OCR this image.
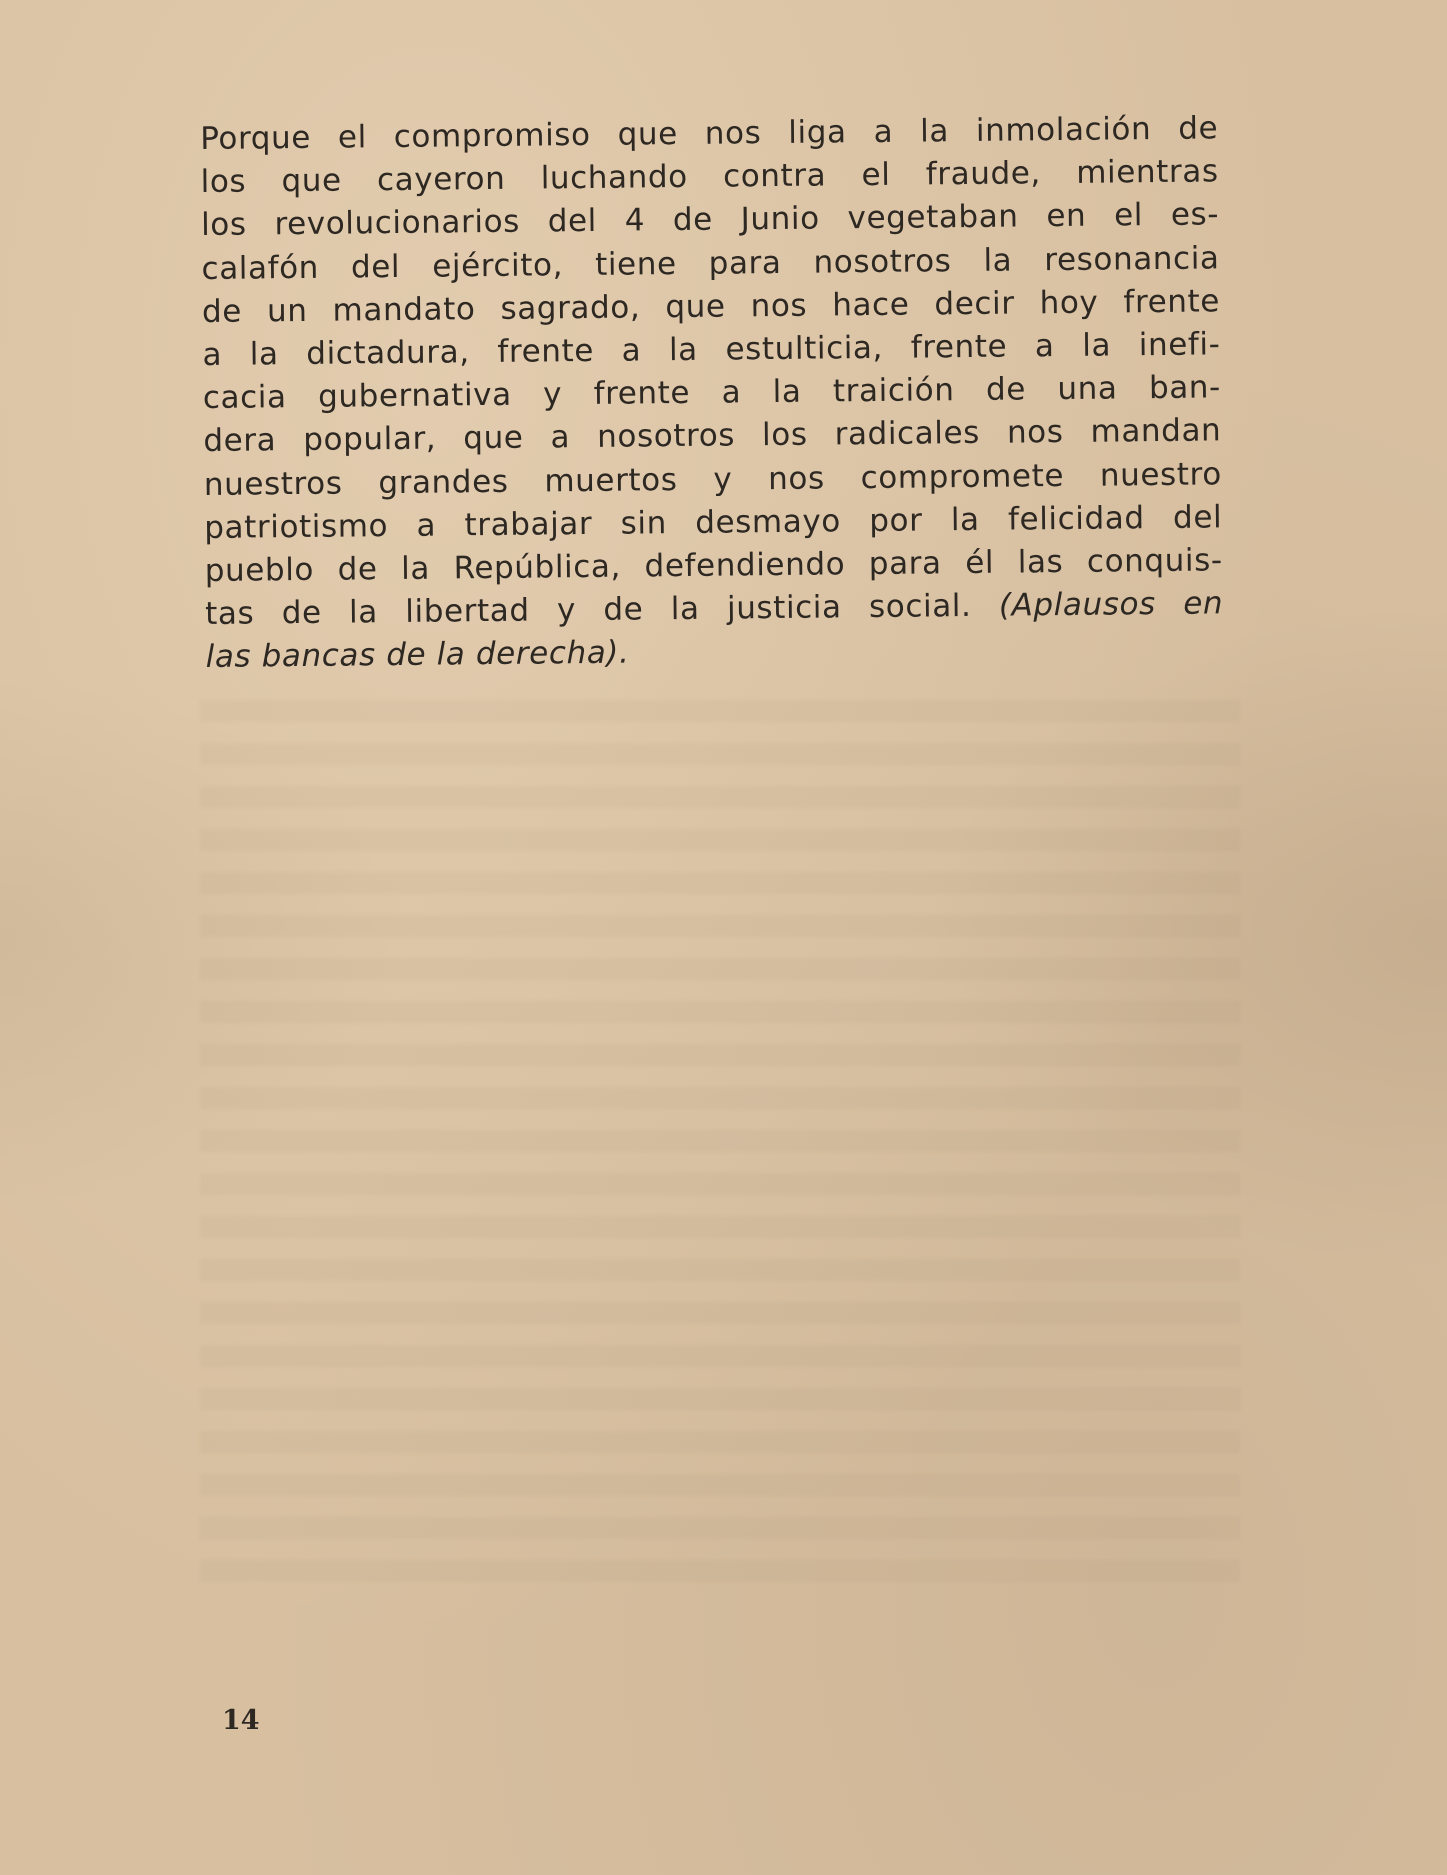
Porque el compromiso que nos liga a la inmolación de
los que cayeron luchando contra el fraude, mientras
los revolucionarios del 4 de Junio vegetaban en el es-
calafón del ejército, tiene para nosotros la resonancia
de un mandato sagrado, que nos hace decir hoy frente
a la dictadura, frente a la estulticia, frente a la inefi-
cacia gubernativa y frente a la traición de una ban-
dera popular, que a nosotros los radicales nos mandan
nuestros grandes muertos y nos compromete nuestro
patriotismo a trabajar sin desmayo por la felicidad del
pueblo de la República, defendiendo para él las conquis-
tas de la libertad y de la justicia social. (Aplausos en
las bancas de la derecha).
14
